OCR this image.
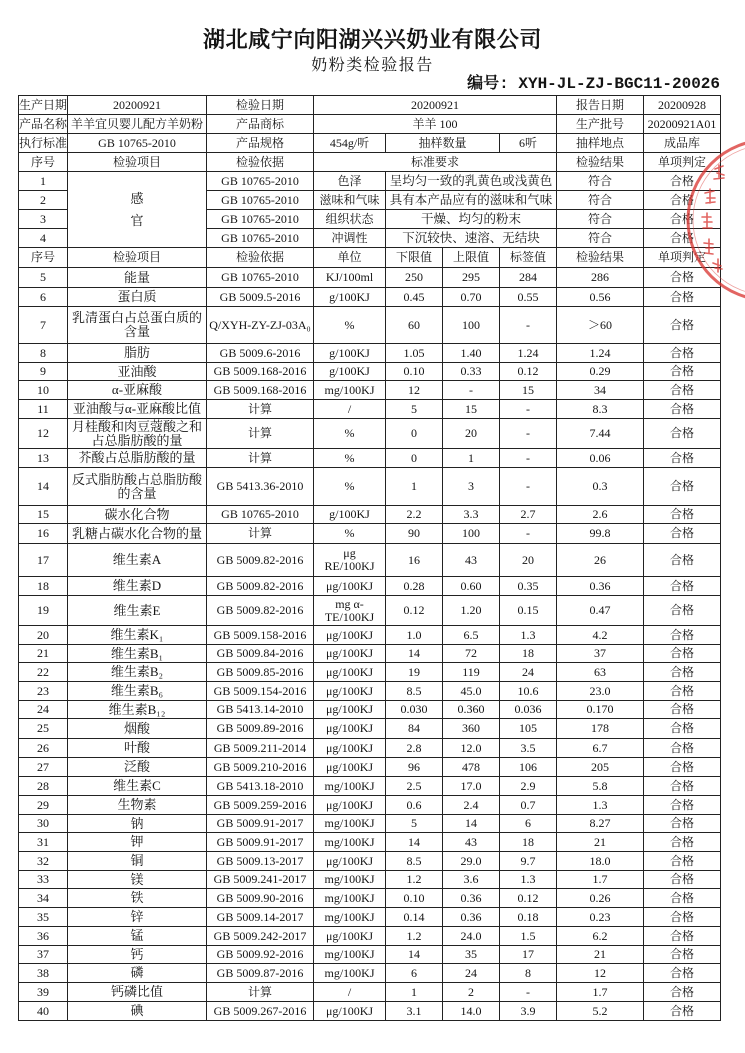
湖北咸宁向阳湖兴兴奶业有限公司
奶粉类检验报告
编号: XYH-JL-ZJ-BGC11-20026
生产日期	20200921	检验日期	20200921				报告日期	20200928
产品名称	羊羊宜贝婴儿配方羊奶粉	产品商标	羊羊 100				生产批号	20200921A01
执行标准	GB 10765-2010	产品规格	454g/听	抽样数量		6听	抽样地点	成品库
序号	检验项目	检验依据	标准要求				检验结果	单项判定
1	感官	GB 10765-2010	色泽	呈均匀一致的乳黄色或浅黄色			符合	合格
2		GB 10765-2010	滋味和气味	具有本产品应有的滋味和气味			符合	合格
3		GB 10765-2010	组织状态	干燥、均匀的粉末			符合	合格
4		GB 10765-2010	冲调性	下沉较快、速溶、无结块			符合	合格
序号	检验项目	检验依据	单位	下限值	上限值	标签值	检验结果	单项判定
5	能量	GB 10765-2010	KJ/100ml	250	295	284	286	合格
6	蛋白质	GB 5009.5-2016	g/100KJ	0.45	0.70	0.55	0.56	合格
7	乳清蛋白占总蛋白质的含量	Q/XYH-ZY-ZJ-03A₀	%	60	100	-	＞60	合格
8	脂肪	GB 5009.6-2016	g/100KJ	1.05	1.40	1.24	1.24	合格
9	亚油酸	GB 5009.168-2016	g/100KJ	0.10	0.33	0.12	0.29	合格
10	α-亚麻酸	GB 5009.168-2016	mg/100KJ	12	-	15	34	合格
11	亚油酸与α-亚麻酸比值	计算	/	5	15	-	8.3	合格
12	月桂酸和肉豆蔻酸之和占总脂肪酸的量	计算	%	0	20	-	7.44	合格
13	芥酸占总脂肪酸的量	计算	%	0	1	-	0.06	合格
14	反式脂肪酸占总脂肪酸的含量	GB 5413.36-2010	%	1	3	-	0.3	合格
15	碳水化合物	GB 10765-2010	g/100KJ	2.2	3.3	2.7	2.6	合格
16	乳糖占碳水化合物的量	计算	%	90	100	-	99.8	合格
17	维生素A	GB 5009.82-2016	μg
RE/100KJ	16	43	20	26	合格
18	维生素D	GB 5009.82-2016	μg/100KJ	0.28	0.60	0.35	0.36	合格
19	维生素E	GB 5009.82-2016	mg α-
TE/100KJ	0.12	1.20	0.15	0.47	合格
20	维生素K₁	GB 5009.158-2016	μg/100KJ	1.0	6.5	1.3	4.2	合格
21	维生素B₁	GB 5009.84-2016	μg/100KJ	14	72	18	37	合格
22	维生素B₂	GB 5009.85-2016	μg/100KJ	19	119	24	63	合格
23	维生素B₆	GB 5009.154-2016	μg/100KJ	8.5	45.0	10.6	23.0	合格
24	维生素B₁₂	GB 5413.14-2010	μg/100KJ	0.030	0.360	0.036	0.170	合格
25	烟酸	GB 5009.89-2016	μg/100KJ	84	360	105	178	合格
26	叶酸	GB 5009.211-2014	μg/100KJ	2.8	12.0	3.5	6.7	合格
27	泛酸	GB 5009.210-2016	μg/100KJ	96	478	106	205	合格
28	维生素C	GB 5413.18-2010	mg/100KJ	2.5	17.0	2.9	5.8	合格
29	生物素	GB 5009.259-2016	μg/100KJ	0.6	2.4	0.7	1.3	合格
30	钠	GB 5009.91-2017	mg/100KJ	5	14	6	8.27	合格
31	钾	GB 5009.91-2017	mg/100KJ	14	43	18	21	合格
32	铜	GB 5009.13-2017	μg/100KJ	8.5	29.0	9.7	18.0	合格
33	镁	GB 5009.241-2017	mg/100KJ	1.2	3.6	1.3	1.7	合格
34	铁	GB 5009.90-2016	mg/100KJ	0.10	0.36	0.12	0.26	合格
35	锌	GB 5009.14-2017	mg/100KJ	0.14	0.36	0.18	0.23	合格
36	锰	GB 5009.242-2017	μg/100KJ	1.2	24.0	1.5	6.2	合格
37	钙	GB 5009.92-2016	mg/100KJ	14	35	17	21	合格
38	磷	GB 5009.87-2016	mg/100KJ	6	24	8	12	合格
39	钙磷比值	计算	/	1	2	-	1.7	合格
40	碘	GB 5009.267-2016	μg/100KJ	3.1	14.0	3.9	5.2	合格
